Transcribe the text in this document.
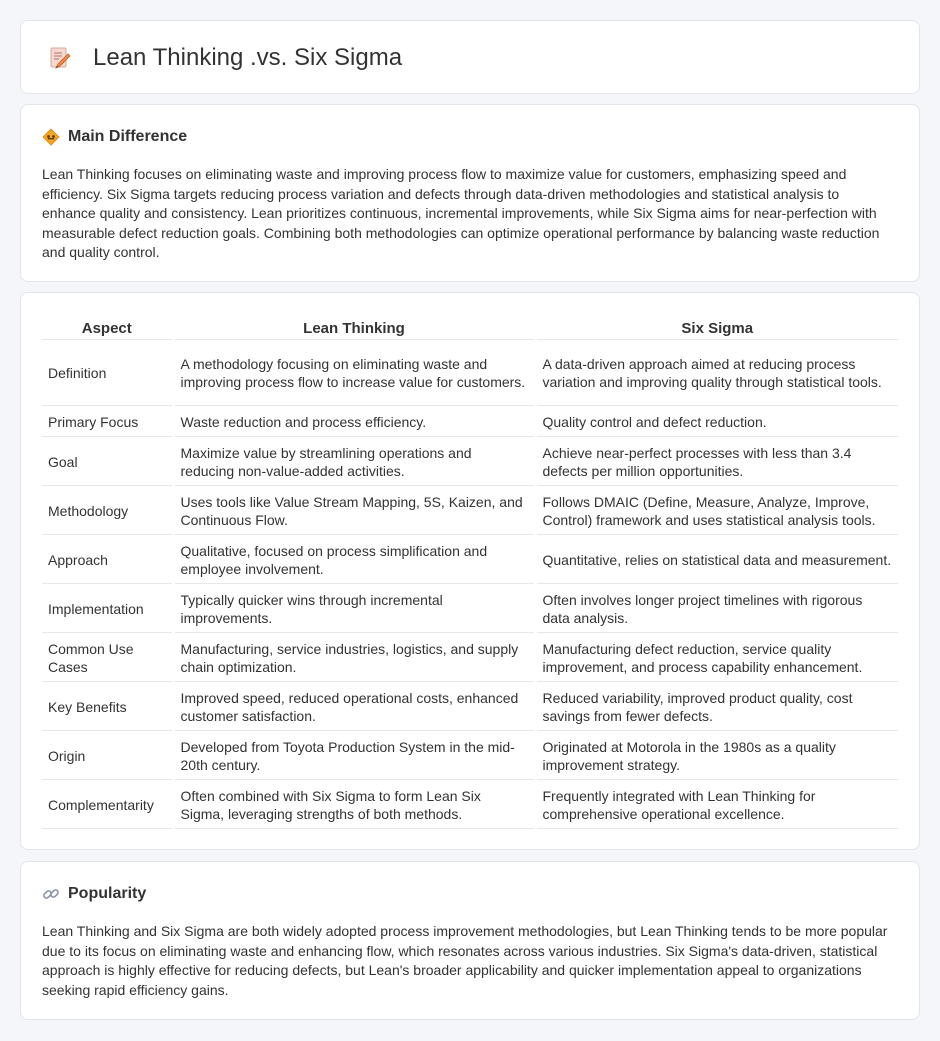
Lean Thinking .vs. Six Sigma
Main Difference

Lean Thinking focuses on eliminating waste and improving process flow to maximize value for customers, emphasizing speed and efficiency. Six Sigma targets reducing process variation and defects through data-driven methodologies and statistical analysis to enhance quality and consistency. Lean prioritizes continuous, incremental improvements, while Six Sigma aims for near-perfection with measurable defect reduction goals. Combining both methodologies can optimize operational performance by balancing waste reduction and quality control.

Aspect	Lean Thinking	Six Sigma
Definition	A methodology focusing on eliminating waste and improving process flow to increase value for customers.	A data-driven approach aimed at reducing process variation and improving quality through statistical tools.
Primary Focus	Waste reduction and process efficiency.	Quality control and defect reduction.
Goal	Maximize value by streamlining operations and reducing non-value-added activities.	Achieve near-perfect processes with less than 3.4 defects per million opportunities.
Methodology	Uses tools like Value Stream Mapping, 5S, Kaizen, and Continuous Flow.	Follows DMAIC (Define, Measure, Analyze, Improve, Control) framework and uses statistical analysis tools.
Approach	Qualitative, focused on process simplification and employee involvement.	Quantitative, relies on statistical data and measurement.
Implementation	Typically quicker wins through incremental improvements.	Often involves longer project timelines with rigorous data analysis.
Common Use Cases	Manufacturing, service industries, logistics, and supply chain optimization.	Manufacturing defect reduction, service quality improvement, and process capability enhancement.
Key Benefits	Improved speed, reduced operational costs, enhanced customer satisfaction.	Reduced variability, improved product quality, cost savings from fewer defects.
Origin	Developed from Toyota Production System in the mid-20th century.	Originated at Motorola in the 1980s as a quality improvement strategy.
Complementarity	Often combined with Six Sigma to form Lean Six Sigma, leveraging strengths of both methods.	Frequently integrated with Lean Thinking for comprehensive operational excellence.
Popularity

Lean Thinking and Six Sigma are both widely adopted process improvement methodologies, but Lean Thinking tends to be more popular due to its focus on eliminating waste and enhancing flow, which resonates across various industries. Six Sigma's data-driven, statistical approach is highly effective for reducing defects, but Lean's broader applicability and quicker implementation appeal to organizations seeking rapid efficiency gains.
